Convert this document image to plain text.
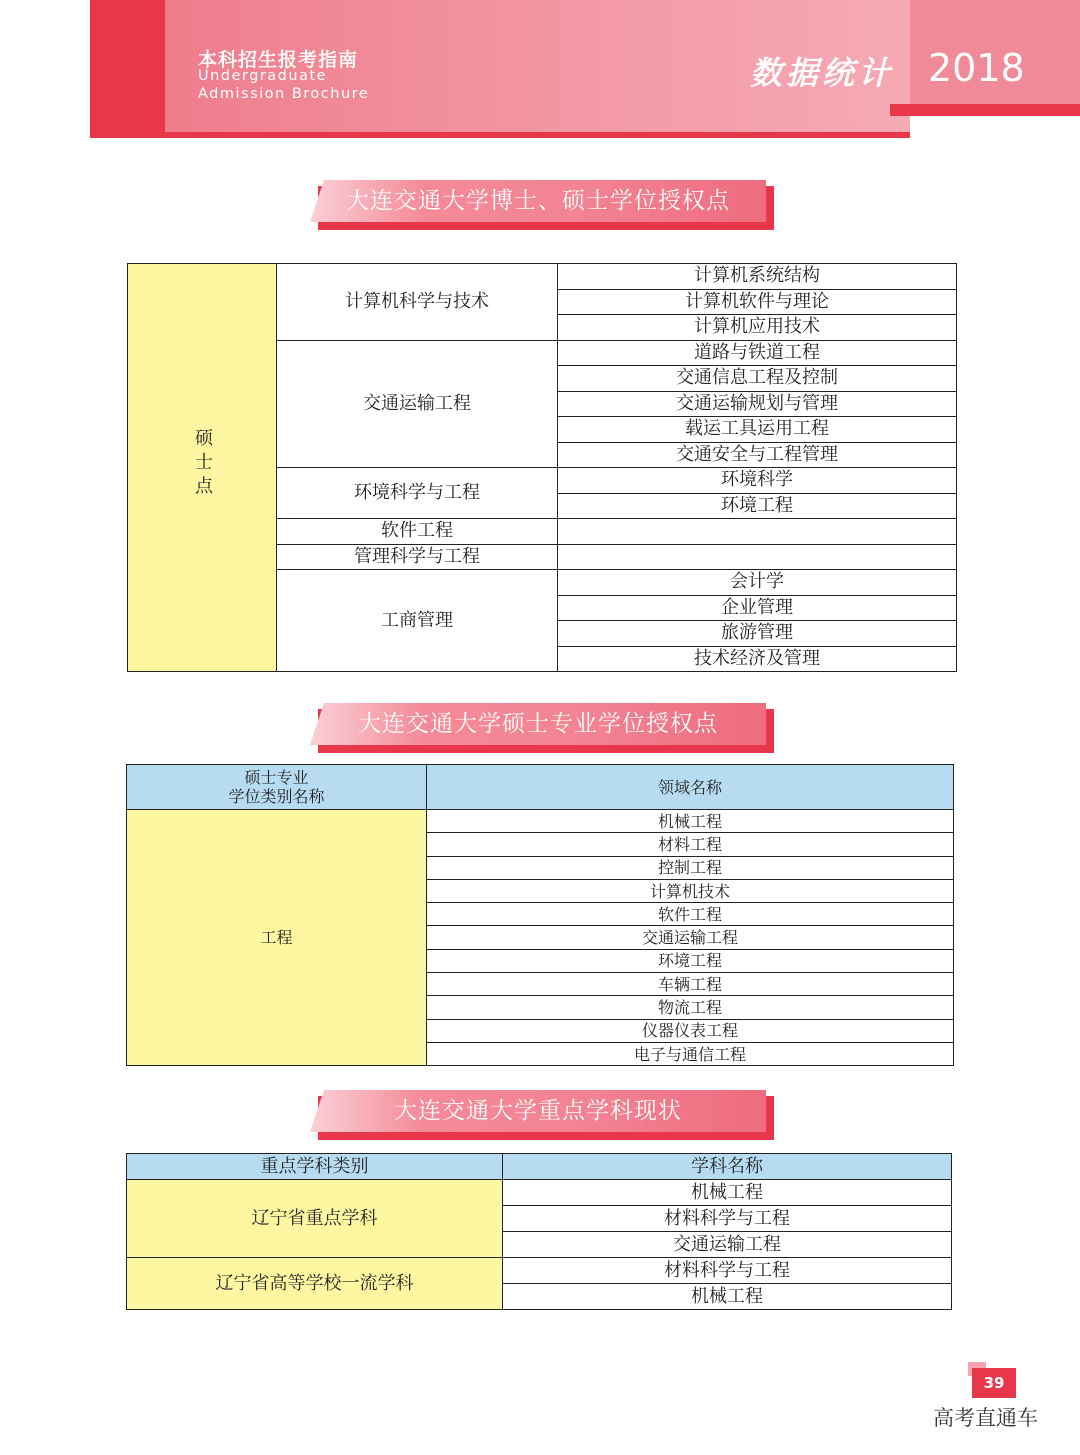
本科招生报考指南
Undergraduate
Admission Brochure
数据统计 2018
大连交通大学博士、硕士学位授权点
硕士点	计算机科学与技术	计算机系统结构
		计算机软件与理论
		计算机应用技术
	交通运输工程	道路与铁道工程
		交通信息工程及控制
		交通运输规划与管理
		载运工具运用工程
		交通安全与工程管理
	环境科学与工程	环境科学
		环境工程
	软件工程	
	管理科学与工程	
	工商管理	会计学
		企业管理
		旅游管理
		技术经济及管理
大连交通大学硕士专业学位授权点
硕士专业
学位类别名称	领域名称
工程	机械工程
	材料工程
	控制工程
	计算机技术
	软件工程
	交通运输工程
	环境工程
	车辆工程
	物流工程
	仪器仪表工程
	电子与通信工程
大连交通大学重点学科现状
重点学科类别	学科名称
辽宁省重点学科	机械工程
	材料科学与工程
	交通运输工程
辽宁省高等学校一流学科	材料科学与工程
	机械工程
39
高考直通车
